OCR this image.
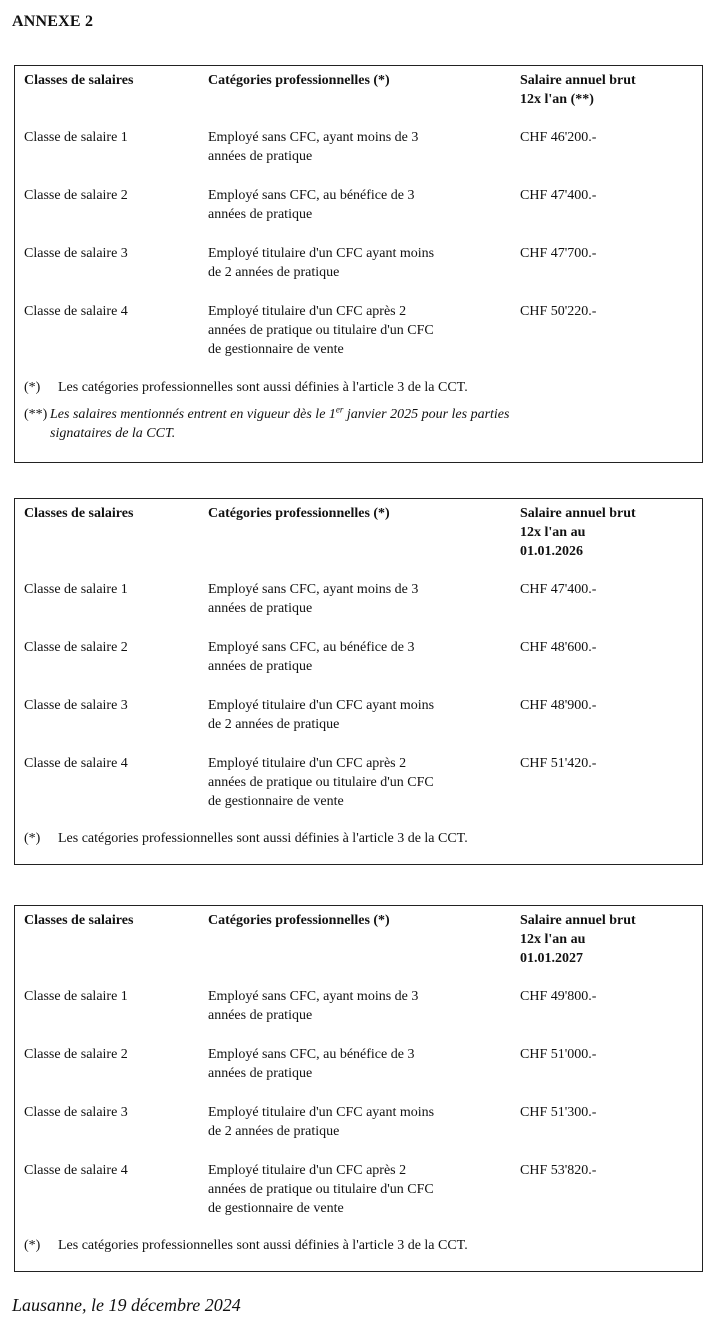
ANNEXE 2
Classes de salaires	Catégories professionnelles (*)	Salaire annuel brut
12x l'an (**)
Classe de salaire 1	Employé sans CFC, ayant moins de 3
années de pratique
CHF 46'200.-
Classe de salaire 2	Employé sans CFC, au bénéfice de 3
années de pratique
CHF 47'400.-
Classe de salaire 3	Employé titulaire d'un CFC ayant moins
de 2 années de pratique
CHF 47'700.-
Classe de salaire 4	Employé titulaire d'un CFC après 2
années de pratique ou titulaire d'un CFC
de gestionnaire de vente
CHF 50'220.-
(*) Les catégories professionnelles sont aussi définies à l'article 3 de la CCT.
(**) Les salaires mentionnés entrent en vigueur dès le 1er janvier 2025 pour les parties
signataires de la CCT.
Classes de salaires	Catégories professionnelles (*)	Salaire annuel brut
12x l'an au
01.01.2026
Classe de salaire 1	Employé sans CFC, ayant moins de 3
années de pratique
CHF 47'400.-
Classe de salaire 2	Employé sans CFC, au bénéfice de 3
années de pratique
CHF 48'600.-
Classe de salaire 3	Employé titulaire d'un CFC ayant moins
de 2 années de pratique
CHF 48'900.-
Classe de salaire 4	Employé titulaire d'un CFC après 2
années de pratique ou titulaire d'un CFC
de gestionnaire de vente
CHF 51'420.-
(*) Les catégories professionnelles sont aussi définies à l'article 3 de la CCT.
Classes de salaires	Catégories professionnelles (*)	Salaire annuel brut
12x l'an au
01.01.2027
Classe de salaire 1	Employé sans CFC, ayant moins de 3
années de pratique
CHF 49'800.-
Classe de salaire 2	Employé sans CFC, au bénéfice de 3
années de pratique
CHF 51'000.-
Classe de salaire 3	Employé titulaire d'un CFC ayant moins
de 2 années de pratique
CHF 51'300.-
Classe de salaire 4	Employé titulaire d'un CFC après 2
années de pratique ou titulaire d'un CFC
de gestionnaire de vente
CHF 53'820.-
(*) Les catégories professionnelles sont aussi définies à l'article 3 de la CCT.
Lausanne, le 19 décembre 2024
